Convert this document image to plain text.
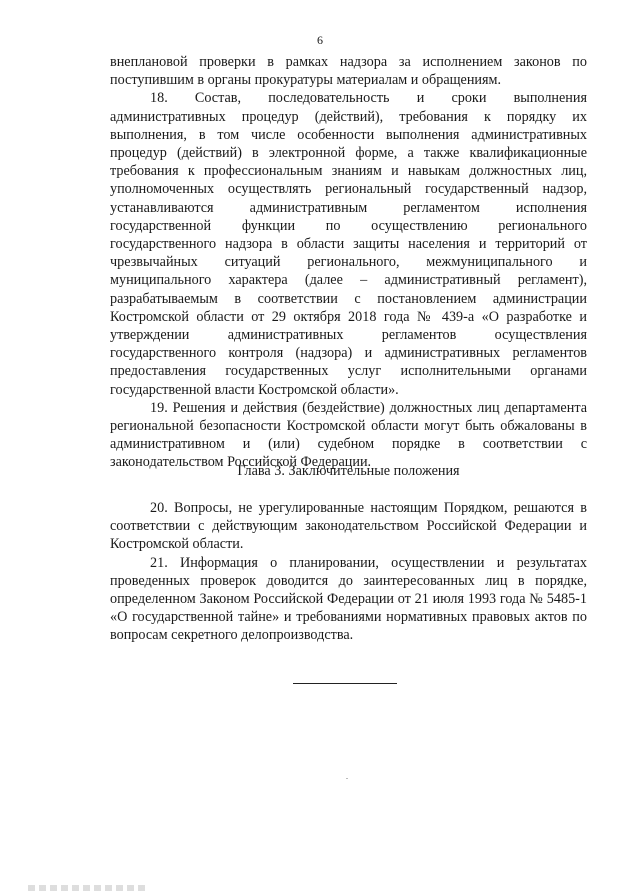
6

внеплановой проверки в рамках надзора за исполнением законов по поступившим в органы прокуратуры материалам и обращениям.

18. Состав, последовательность и сроки выполнения административных процедур (действий), требования к порядку их выполнения, в том числе особенности выполнения административных процедур (действий) в электронной форме, а также квалификационные требования к профессиональным знаниям и навыкам должностных лиц, уполномоченных осуществлять региональный государственный надзор, устанавливаются административным регламентом исполнения государственной функции по осуществлению регионального государственного надзора в области защиты населения и территорий от чрезвычайных ситуаций регионального, межмуниципального и муниципального характера (далее – административный регламент), разрабатываемым в соответствии с постановлением администрации Костромской области от 29 октября 2018 года № 439-а «О разработке и утверждении административных регламентов осуществления государственного контроля (надзора) и административных регламентов предоставления государственных услуг исполнительными органами государственной власти Костромской области».

19. Решения и действия (бездействие) должностных лиц департамента региональной безопасности Костромской области могут быть обжалованы в административном и (или) судебном порядке в соответствии с законодательством Российской Федерации.

Глава 3. Заключительные положения

20. Вопросы, не урегулированные настоящим Порядком, решаются в соответствии с действующим законодательством Российской Федерации и Костромской области.

21. Информация о планировании, осуществлении и результатах проведенных проверок доводится до заинтересованных лиц в порядке, определенном Законом Российской Федерации от 21 июля 1993 года № 5485-1 «О государственной тайне» и требованиями нормативных правовых актов по вопросам секретного делопроизводства.
